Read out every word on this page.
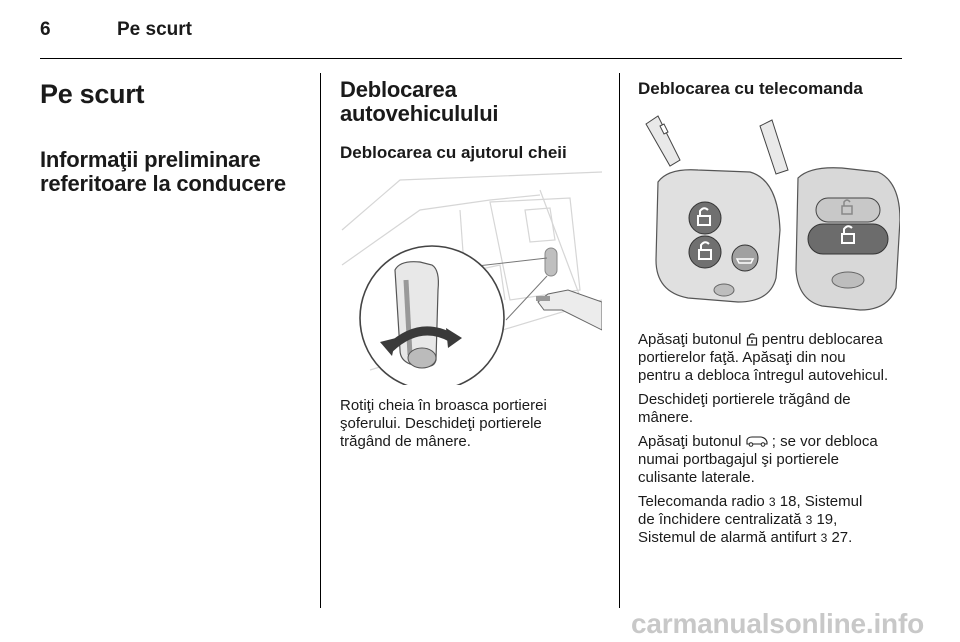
6	Pe scurt
Pe scurt
Informaţii preliminare
referitoare la conducere
Deblocarea
autovehiculului
Deblocarea cu ajutorul cheii
Rotiţi cheia în broasca portierei
şoferului. Deschideţi portierele
trăgând de mânere.
Deblocarea cu telecomanda
Apăsaţi butonul pentru deblocarea
portierelor faţă. Apăsaţi din nou
pentru a debloca întregul autovehicul.
Deschideţi portierele trăgând de
mânere.
Apăsaţi butonul ; se vor debloca
numai portbagajul şi portierele
culisante laterale.
Telecomanda radio 3 18, Sistemul
de închidere centralizată 3 19,
Sistemul de alarmă antifurt 3 27.
carmanualsonline.info
